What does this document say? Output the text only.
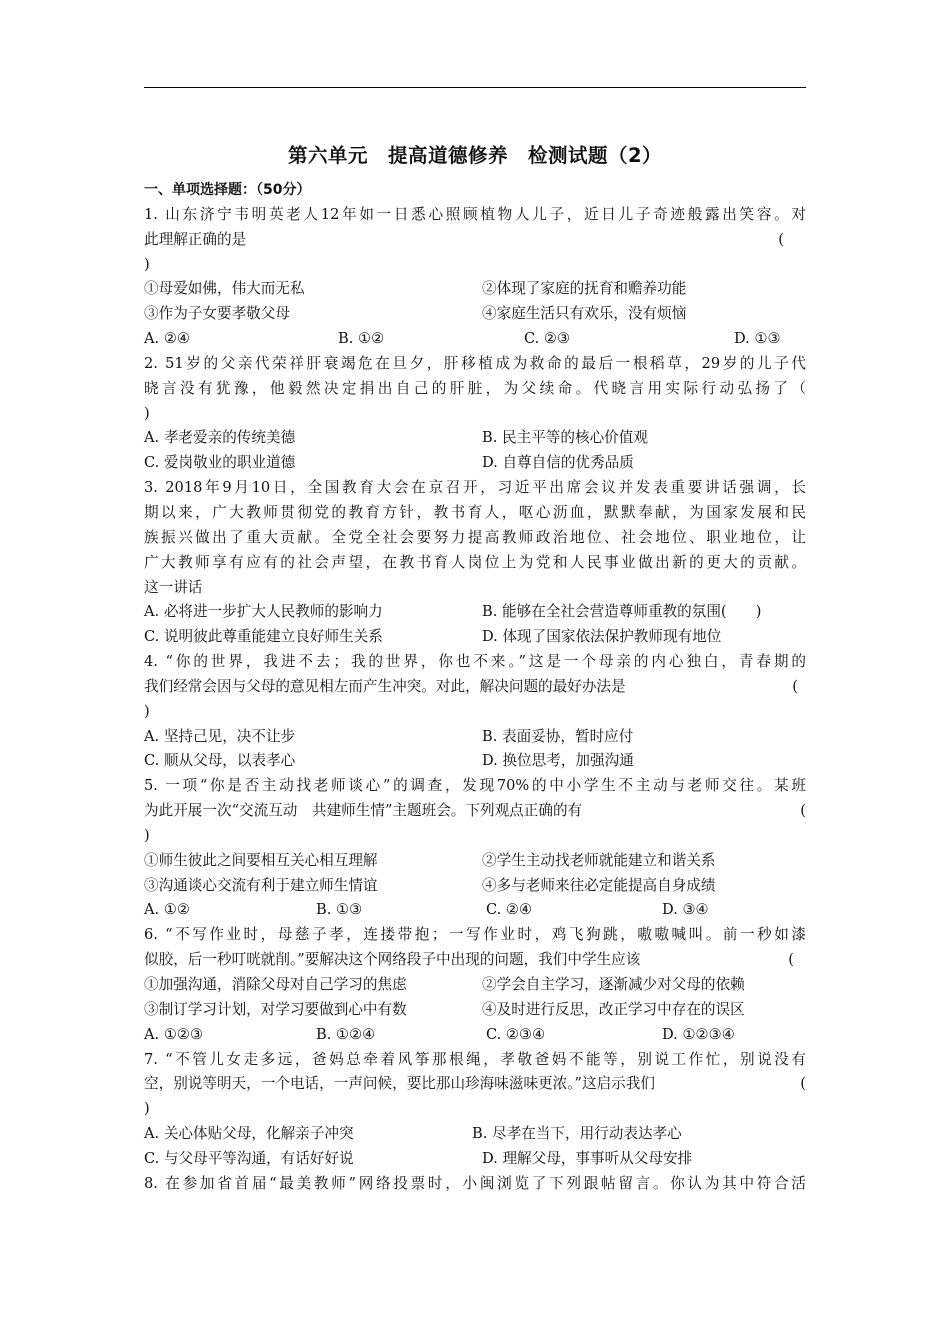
第六单元　提高道德修养　检测试题（2）
一、单项选择题：（50分）
1. 山东济宁韦明英老人12年如一日悉心照顾植物人儿子，近日儿子奇迹般露出笑容。对
此理解正确的是	(
)
①母爱如佛，伟大而无私	②体现了家庭的抚育和赡养功能
③作为子女要孝敬父母	④家庭生活只有欢乐，没有烦恼
A. ②④	B. ①②	C. ②③	D. ①③
2. 51岁的父亲代荣祥肝衰竭危在旦夕，肝移植成为救命的最后一根稻草，29岁的儿子代
晓言没有犹豫，他毅然决定捐出自己的肝脏，为父续命。代晓言用实际行动弘扬了（
)
A. 孝老爱亲的传统美德	B. 民主平等的核心价值观
C. 爱岗敬业的职业道德	D. 自尊自信的优秀品质
3. 2018年9月10日，全国教育大会在京召开，习近平出席会议并发表重要讲话强调，长
期以来，广大教师贯彻党的教育方针，教书育人，呕心沥血，默默奉献，为国家发展和民
族振兴做出了重大贡献。全党全社会要努力提高教师政治地位、社会地位、职业地位，让
广大教师享有应有的社会声望，在教书育人岗位上为党和人民事业做出新的更大的贡献。
这一讲话
A. 必将进一步扩大人民教师的影响力	B. 能够在全社会营造尊师重教的氛围(　　)
C. 说明彼此尊重能建立良好师生关系	D. 体现了国家依法保护教师现有地位
4. “你的世界，我进不去；我的世界，你也不来。”这是一个母亲的内心独白，青春期的
我们经常会因与父母的意见相左而产生冲突。对此，解决问题的最好办法是	(
)
A. 坚持己见，决不让步	B. 表面妥协，暂时应付
C. 顺从父母，以表孝心	D. 换位思考，加强沟通
5. 一项“你是否主动找老师谈心”的调查，发现70%的中小学生不主动与老师交往。某班
为此开展一次“交流互动　共建师生情”主题班会。下列观点正确的有	(
)
①师生彼此之间要相互关心相互理解	②学生主动找老师就能建立和谐关系
③沟通谈心交流有利于建立师生情谊	④多与老师来往必定能提高自身成绩
A. ①②	B. ①③	C. ②④	D. ③④
6. “不写作业时，母慈子孝，连搂带抱；一写作业时，鸡飞狗跳，嗷嗷喊叫。前一秒如漆
似胶，后一秒叮咣就削。”要解决这个网络段子中出现的问题，我们中学生应该	(
①加强沟通，消除父母对自己学习的焦虑	②学会自主学习，逐渐减少对父母的依赖
③制订学习计划，对学习要做到心中有数	④及时进行反思，改正学习中存在的误区
A. ①②③	B. ①②④	C. ②③④	D. ①②③④
7. “不管儿女走多远，爸妈总牵着风筝那根绳，孝敬爸妈不能等，别说工作忙，别说没有
空，别说等明天，一个电话，一声问候，要比那山珍海味滋味更浓。”这启示我们	(
)
A. 关心体贴父母，化解亲子冲突	B. 尽孝在当下，用行动表达孝心
C. 与父母平等沟通，有话好好说	D. 理解父母，事事听从父母安排
8. 在参加省首届“最美教师”网络投票时，小闽浏览了下列跟帖留言。你认为其中符合活
